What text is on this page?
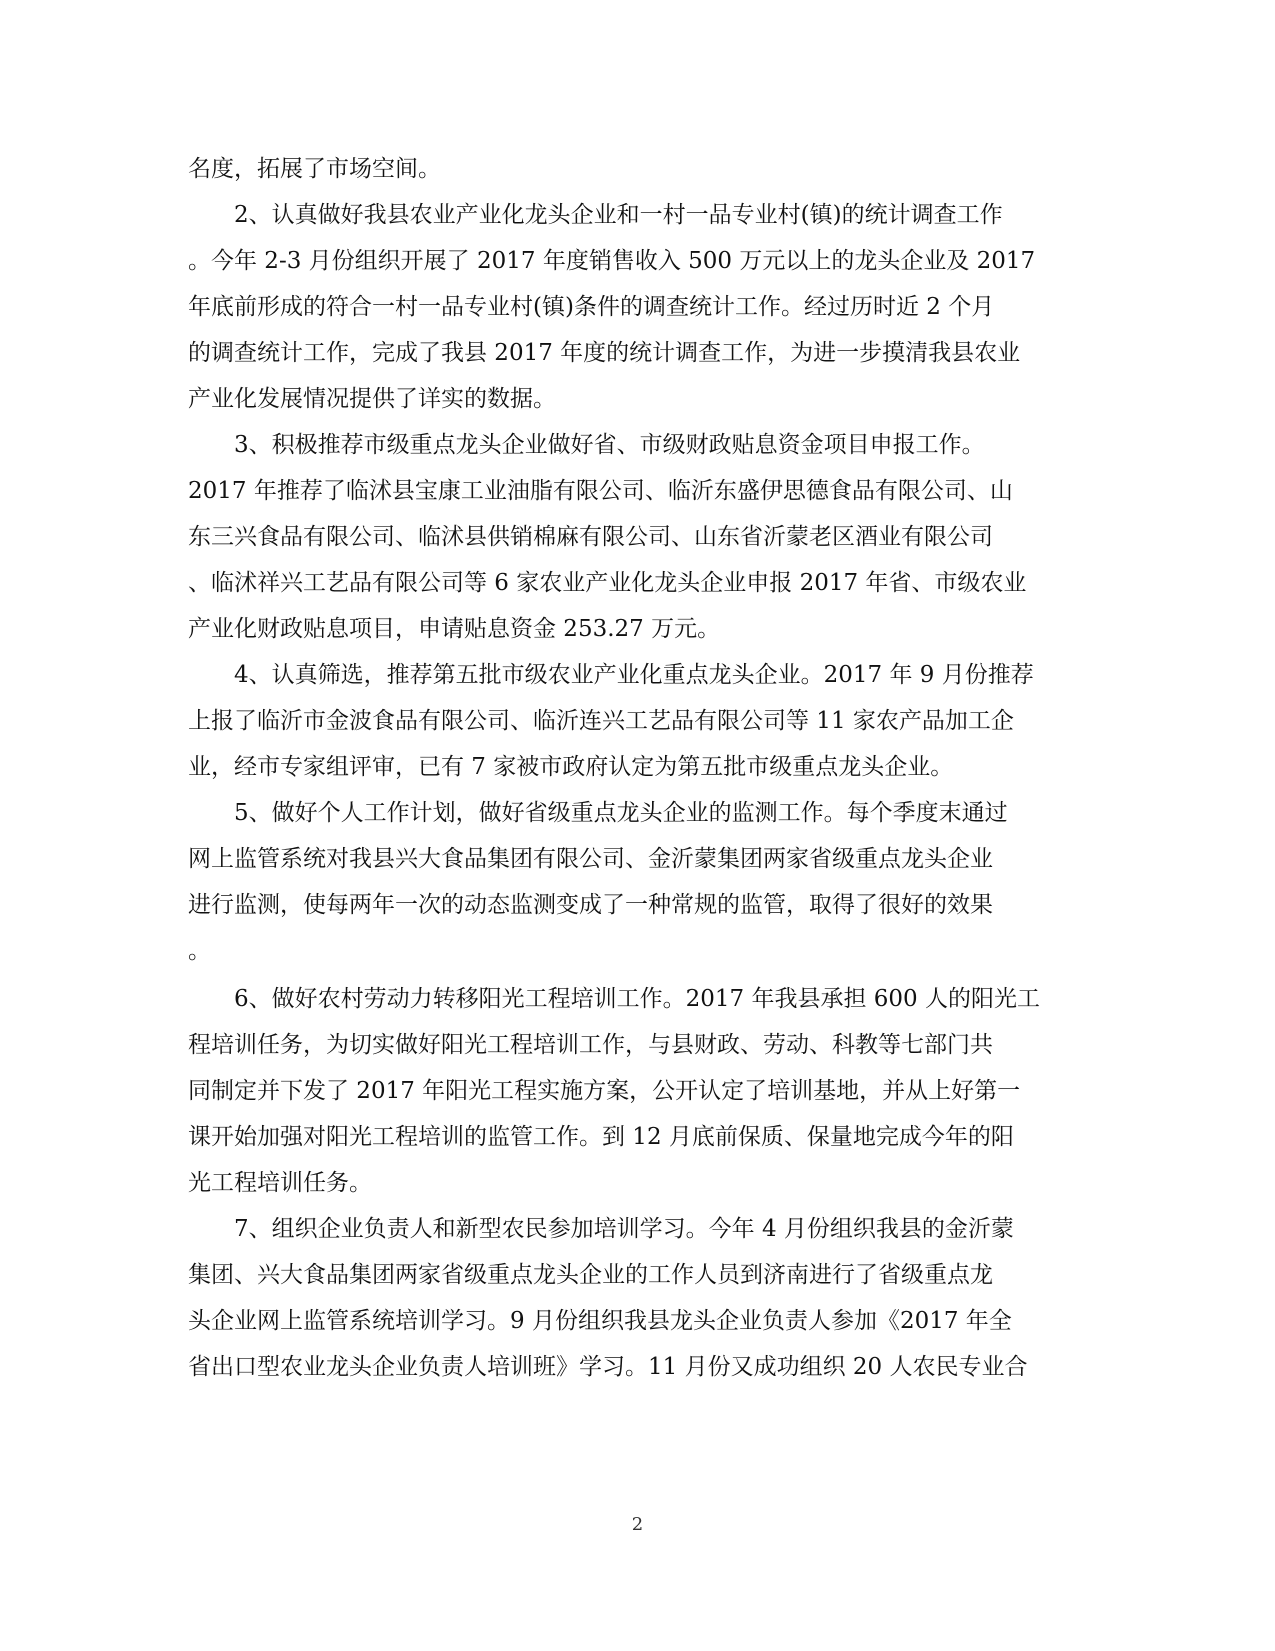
名度，拓展了市场空间。
2、认真做好我县农业产业化龙头企业和一村一品专业村(镇)的统计调查工作
。今年 2-3 月份组织开展了 2017 年度销售收入 500 万元以上的龙头企业及 2017
年底前形成的符合一村一品专业村(镇)条件的调查统计工作。经过历时近 2 个月
的调查统计工作，完成了我县 2017 年度的统计调查工作，为进一步摸清我县农业
产业化发展情况提供了详实的数据。
3、积极推荐市级重点龙头企业做好省、市级财政贴息资金项目申报工作。
2017 年推荐了临沭县宝康工业油脂有限公司、临沂东盛伊思德食品有限公司、山
东三兴食品有限公司、临沭县供销棉麻有限公司、山东省沂蒙老区酒业有限公司
、临沭祥兴工艺品有限公司等 6 家农业产业化龙头企业申报 2017 年省、市级农业
产业化财政贴息项目，申请贴息资金 253.27 万元。
4、认真筛选，推荐第五批市级农业产业化重点龙头企业。2017 年 9 月份推荐
上报了临沂市金波食品有限公司、临沂连兴工艺品有限公司等 11 家农产品加工企
业，经市专家组评审，已有 7 家被市政府认定为第五批市级重点龙头企业。
5、做好个人工作计划，做好省级重点龙头企业的监测工作。每个季度末通过
网上监管系统对我县兴大食品集团有限公司、金沂蒙集团两家省级重点龙头企业
进行监测，使每两年一次的动态监测变成了一种常规的监管，取得了很好的效果
。
6、做好农村劳动力转移阳光工程培训工作。2017 年我县承担 600 人的阳光工
程培训任务，为切实做好阳光工程培训工作，与县财政、劳动、科教等七部门共
同制定并下发了 2017 年阳光工程实施方案，公开认定了培训基地，并从上好第一
课开始加强对阳光工程培训的监管工作。到 12 月底前保质、保量地完成今年的阳
光工程培训任务。
7、组织企业负责人和新型农民参加培训学习。今年 4 月份组织我县的金沂蒙
集团、兴大食品集团两家省级重点龙头企业的工作人员到济南进行了省级重点龙
头企业网上监管系统培训学习。9 月份组织我县龙头企业负责人参加《2017 年全
省出口型农业龙头企业负责人培训班》学习。11 月份又成功组织 20 人农民专业合
2
